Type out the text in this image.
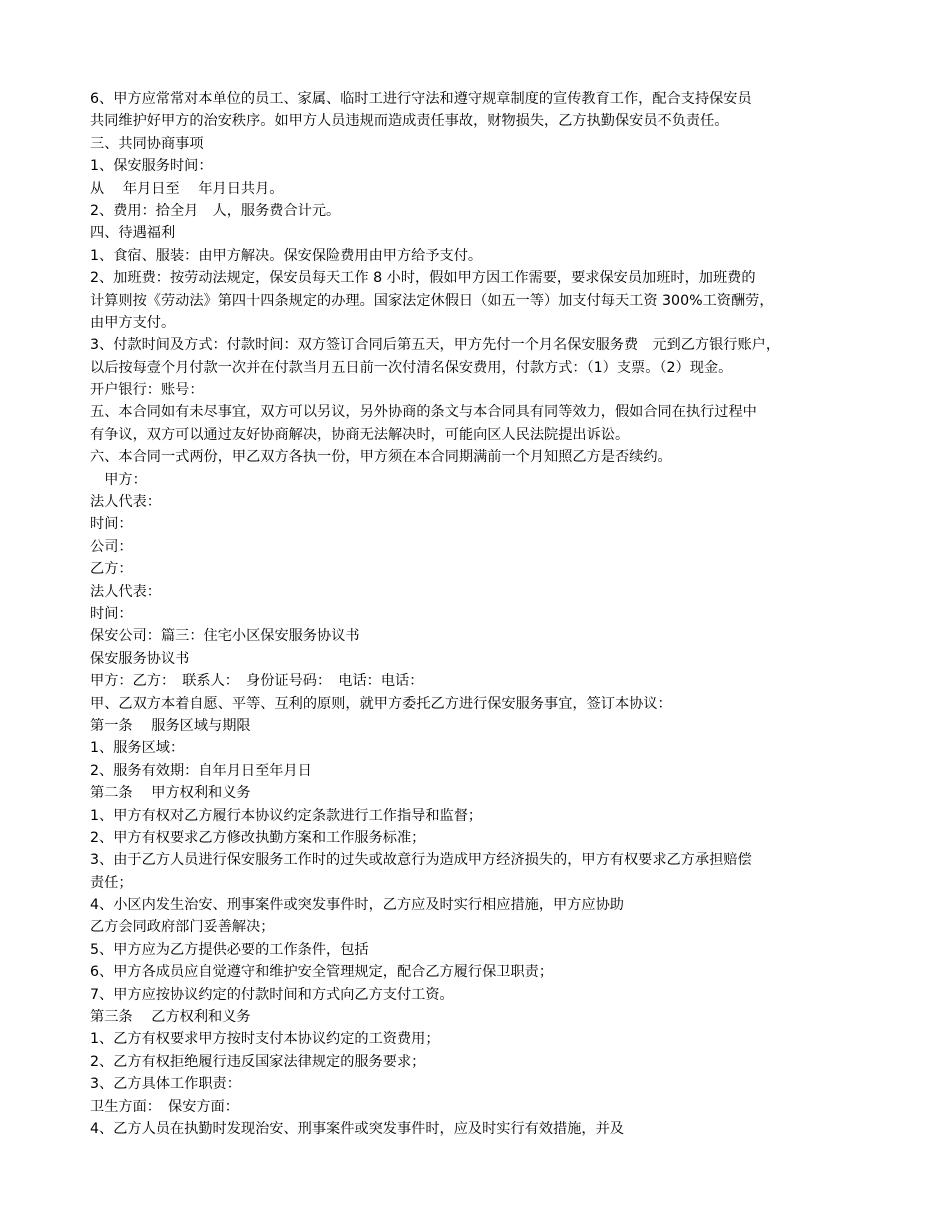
6、甲方应常常对本单位的员工、家属、临时工进行守法和遵守规章制度的宣传教育工作，配合支持保安员
共同维护好甲方的治安秩序。如甲方人员违规而造成责任事故，财物损失，乙方执勤保安员不负责任。
三、共同协商事项
1、保安服务时间：
从　 年月日至　 年月日共月。
2、费用：拾全月　人，服务费合计元。
四、待遇福利
1、食宿、服装：由甲方解决。保安保险费用由甲方给予支付。
2、加班费：按劳动法规定，保安员每天工作 8 小时，假如甲方因工作需要，要求保安员加班时，加班费的
计算则按《劳动法》第四十四条规定的办理。国家法定休假日（如五一等）加支付每天工资 300%工资酬劳，
由甲方支付。
3、付款时间及方式：付款时间：双方签订合同后第五天，甲方先付一个月名保安服务费　元到乙方银行账户，
以后按每壹个月付款一次并在付款当月五日前一次付清名保安费用，付款方式：（1）支票。（2）现金。
开户银行：账号：
五、本合同如有未尽事宜，双方可以另议，另外协商的条文与本合同具有同等效力，假如合同在执行过程中
有争议，双方可以通过友好协商解决，协商无法解决时，可能向区人民法院提出诉讼。
六、本合同一式两份，甲乙双方各执一份，甲方须在本合同期满前一个月知照乙方是否续约。
　甲方：
法人代表：
时间：
公司：
乙方：
法人代表：
时间：
保安公司：篇三：住宅小区保安服务协议书
保安服务协议书
甲方：乙方：　联系人：　身份证号码：　电话：电话：
甲、乙双方本着自愿、平等、互利的原则，就甲方委托乙方进行保安服务事宜，签订本协议：
第一条　 服务区域与期限
1、服务区域：
2、服务有效期：自年月日至年月日
第二条　 甲方权利和义务
1、甲方有权对乙方履行本协议约定条款进行工作指导和监督；
2、甲方有权要求乙方修改执勤方案和工作服务标准；
3、由于乙方人员进行保安服务工作时的过失或故意行为造成甲方经济损失的，甲方有权要求乙方承担赔偿
责任；
4、小区内发生治安、刑事案件或突发事件时，乙方应及时实行相应措施，甲方应协助
乙方会同政府部门妥善解决；
5、甲方应为乙方提供必要的工作条件，包括
6、甲方各成员应自觉遵守和维护安全管理规定，配合乙方履行保卫职责；
7、甲方应按协议约定的付款时间和方式向乙方支付工资。
第三条　 乙方权利和义务
1、乙方有权要求甲方按时支付本协议约定的工资费用；
2、乙方有权拒绝履行违反国家法律规定的服务要求；
3、乙方具体工作职责：
卫生方面：　保安方面：
4、乙方人员在执勤时发现治安、刑事案件或突发事件时，应及时实行有效措施，并及
